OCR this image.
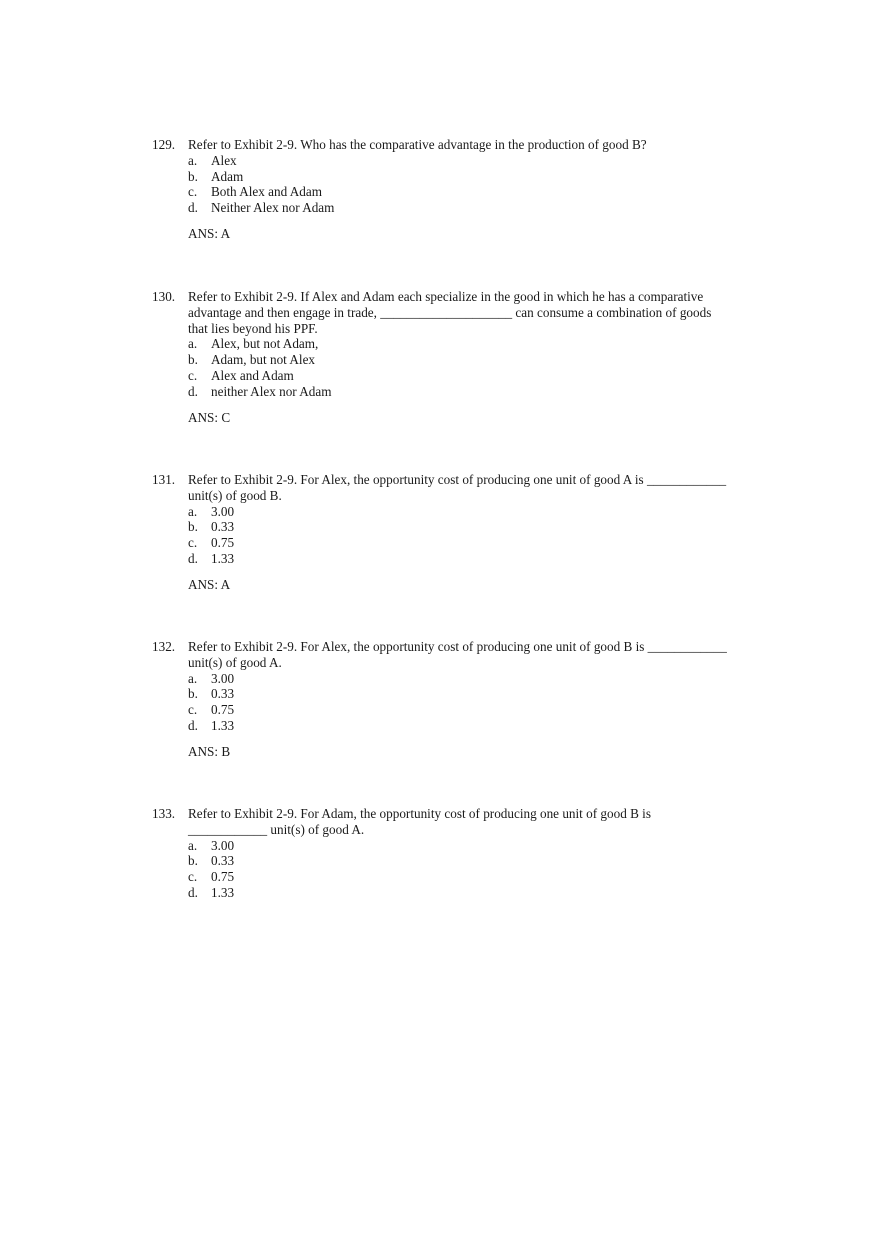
129. Refer to Exhibit 2-9. Who has the comparative advantage in the production of good B?
a. Alex
b. Adam
c. Both Alex and Adam
d. Neither Alex nor Adam
ANS: A
130. Refer to Exhibit 2-9. If Alex and Adam each specialize in the good in which he has a comparative
advantage and then engage in trade, ____________________ can consume a combination of goods
that lies beyond his PPF.
a. Alex, but not Adam,
b. Adam, but not Alex
c. Alex and Adam
d. neither Alex nor Adam
ANS: C
131. Refer to Exhibit 2-9. For Alex, the opportunity cost of producing one unit of good A is ____________
unit(s) of good B.
a. 3.00
b. 0.33
c. 0.75
d. 1.33
ANS: A
132. Refer to Exhibit 2-9. For Alex, the opportunity cost of producing one unit of good B is ____________
unit(s) of good A.
a. 3.00
b. 0.33
c. 0.75
d. 1.33
ANS: B
133. Refer to Exhibit 2-9. For Adam, the opportunity cost of producing one unit of good B is
____________ unit(s) of good A.
a. 3.00
b. 0.33
c. 0.75
d. 1.33
